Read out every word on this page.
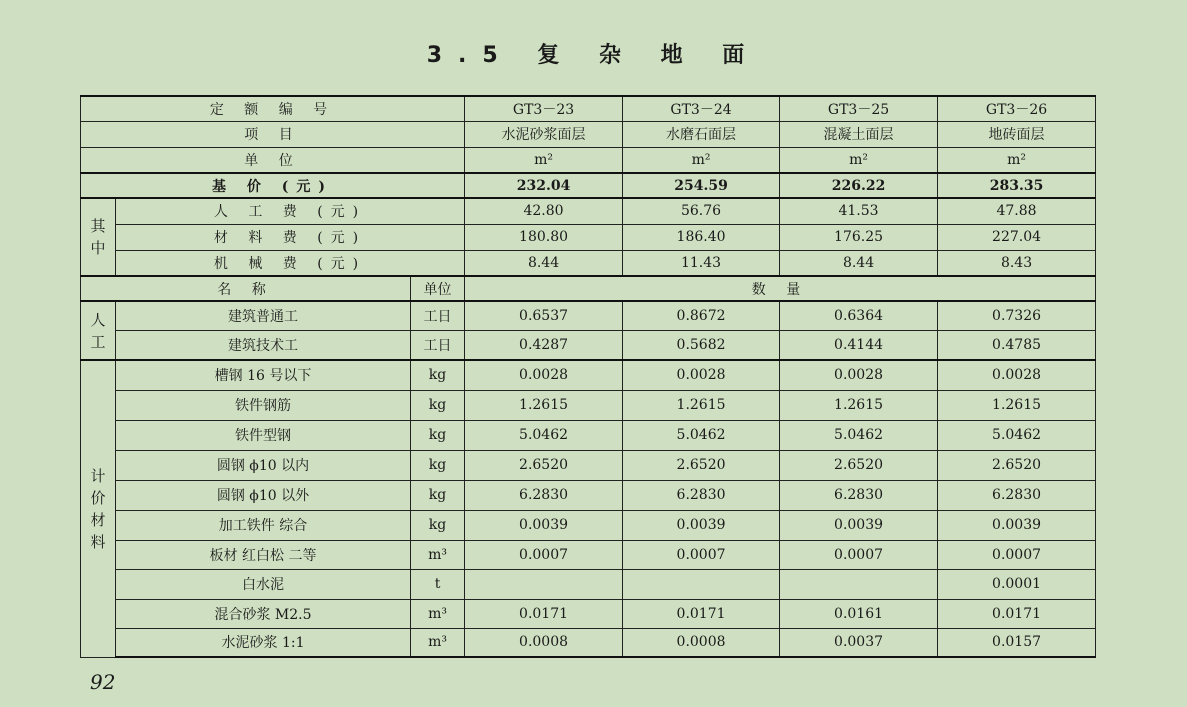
3.5 复 杂 地 面
定 额 编 号			GT3－23	GT3－24	GT3－25	GT3－26
项 目			水泥砂浆面层	水磨石面层	混凝土面层	地砖面层
单 位			m²	m²	m²	m²
基 价 (元)			232.04	254.59	226.22	283.35
其中	人 工 费 (元)		42.80	56.76	41.53	47.88
	材 料 费 (元)		180.80	186.40	176.25	227.04
	机 械 费 (元)		8.44	11.43	8.44	8.43
名 称		单位	数 量			
人工	建筑普通工	工日	0.6537	0.8672	0.6364	0.7326
	建筑技术工	工日	0.4287	0.5682	0.4144	0.4785
计价材料	槽钢 16 号以下	kg	0.0028	0.0028	0.0028	0.0028
	铁件钢筋	kg	1.2615	1.2615	1.2615	1.2615
	铁件型钢	kg	5.0462	5.0462	5.0462	5.0462
	圆钢 ϕ10 以内	kg	2.6520	2.6520	2.6520	2.6520
	圆钢 ϕ10 以外	kg	6.2830	6.2830	6.2830	6.2830
	加工铁件 综合	kg	0.0039	0.0039	0.0039	0.0039
	板材 红白松 二等	m³	0.0007	0.0007	0.0007	0.0007
	白水泥	t				0.0001
	混合砂浆 M2.5	m³	0.0171	0.0171	0.0161	0.0171
	水泥砂浆 1:1	m³	0.0008	0.0008	0.0037	0.0157
92
